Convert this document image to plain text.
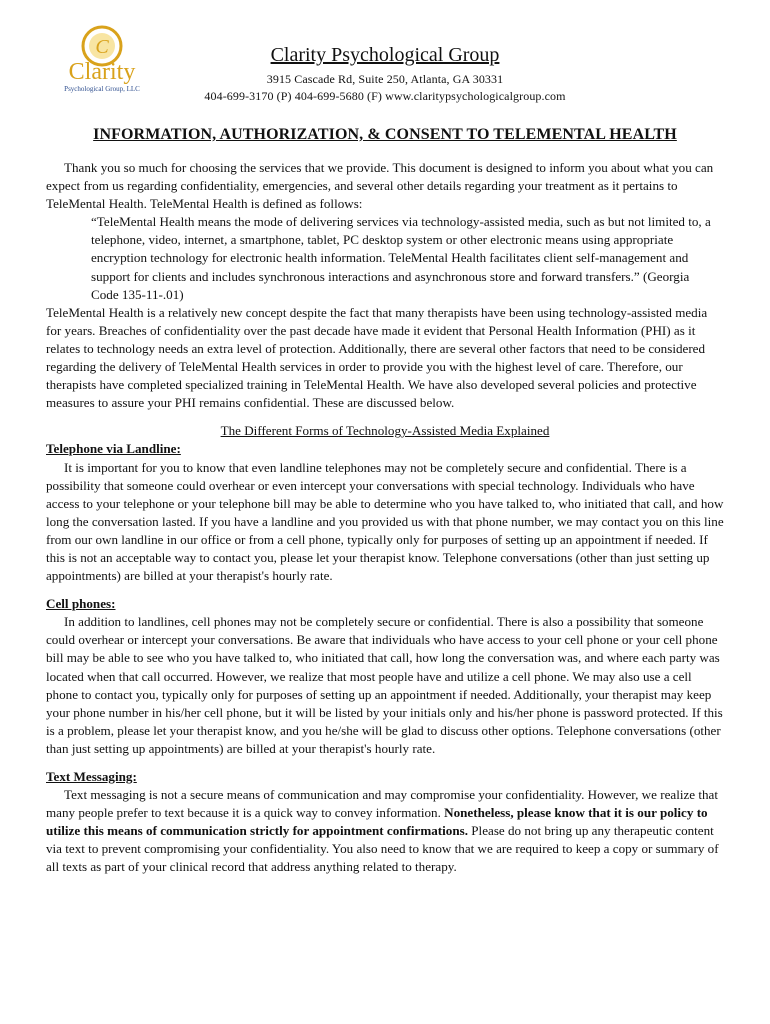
C
Clarity
Psychological Group, LLC
Clarity Psychological Group
3915 Cascade Rd, Suite 250, Atlanta, GA 30331
404-699-3170 (P) 404-699-5680 (F) www.claritypsychologicalgroup.com
INFORMATION, AUTHORIZATION, & CONSENT TO TELEMENTAL HEALTH

Thank you so much for choosing the services that we provide. This document is designed to inform you about what you can expect from us regarding confidentiality, emergencies, and several other details regarding your treatment as it pertains to TeleMental Health. TeleMental Health is defined as follows:

“TeleMental Health means the mode of delivering services via technology-assisted media, such as but not limited to, a telephone, video, internet, a smartphone, tablet, PC desktop system or other electronic means using appropriate encryption technology for electronic health information. TeleMental Health facilitates client self-management and support for clients and includes synchronous interactions and asynchronous store and forward transfers.” (Georgia Code 135-11-.01)

TeleMental Health is a relatively new concept despite the fact that many therapists have been using technology-assisted media for years. Breaches of confidentiality over the past decade have made it evident that Personal Health Information (PHI) as it relates to technology needs an extra level of protection. Additionally, there are several other factors that need to be considered regarding the delivery of TeleMental Health services in order to provide you with the highest level of care. Therefore, our therapists have completed specialized training in TeleMental Health. We have also developed several policies and protective measures to assure your PHI remains confidential. These are discussed below.

The Different Forms of Technology-Assisted Media Explained

Telephone via Landline:

It is important for you to know that even landline telephones may not be completely secure and confidential. There is a possibility that someone could overhear or even intercept your conversations with special technology. Individuals who have access to your telephone or your telephone bill may be able to determine who you have talked to, who initiated that call, and how long the conversation lasted. If you have a landline and you provided us with that phone number, we may contact you on this line from our own landline in our office or from a cell phone, typically only for purposes of setting up an appointment if needed. If this is not an acceptable way to contact you, please let your therapist know. Telephone conversations (other than just setting up appointments) are billed at your therapist's hourly rate.

Cell phones:

In addition to landlines, cell phones may not be completely secure or confidential. There is also a possibility that someone could overhear or intercept your conversations. Be aware that individuals who have access to your cell phone or your cell phone bill may be able to see who you have talked to, who initiated that call, how long the conversation was, and where each party was located when that call occurred. However, we realize that most people have and utilize a cell phone. We may also use a cell phone to contact you, typically only for purposes of setting up an appointment if needed. Additionally, your therapist may keep your phone number in his/her cell phone, but it will be listed by your initials only and his/her phone is password protected. If this is a problem, please let your therapist know, and you he/she will be glad to discuss other options. Telephone conversations (other than just setting up appointments) are billed at your therapist's hourly rate.

Text Messaging:

Text messaging is not a secure means of communication and may compromise your confidentiality. However, we realize that many people prefer to text because it is a quick way to convey information. Nonetheless, please know that it is our policy to utilize this means of communication strictly for appointment confirmations. Please do not bring up any therapeutic content via text to prevent compromising your confidentiality. You also need to know that we are required to keep a copy or summary of all texts as part of your clinical record that address anything related to therapy.
